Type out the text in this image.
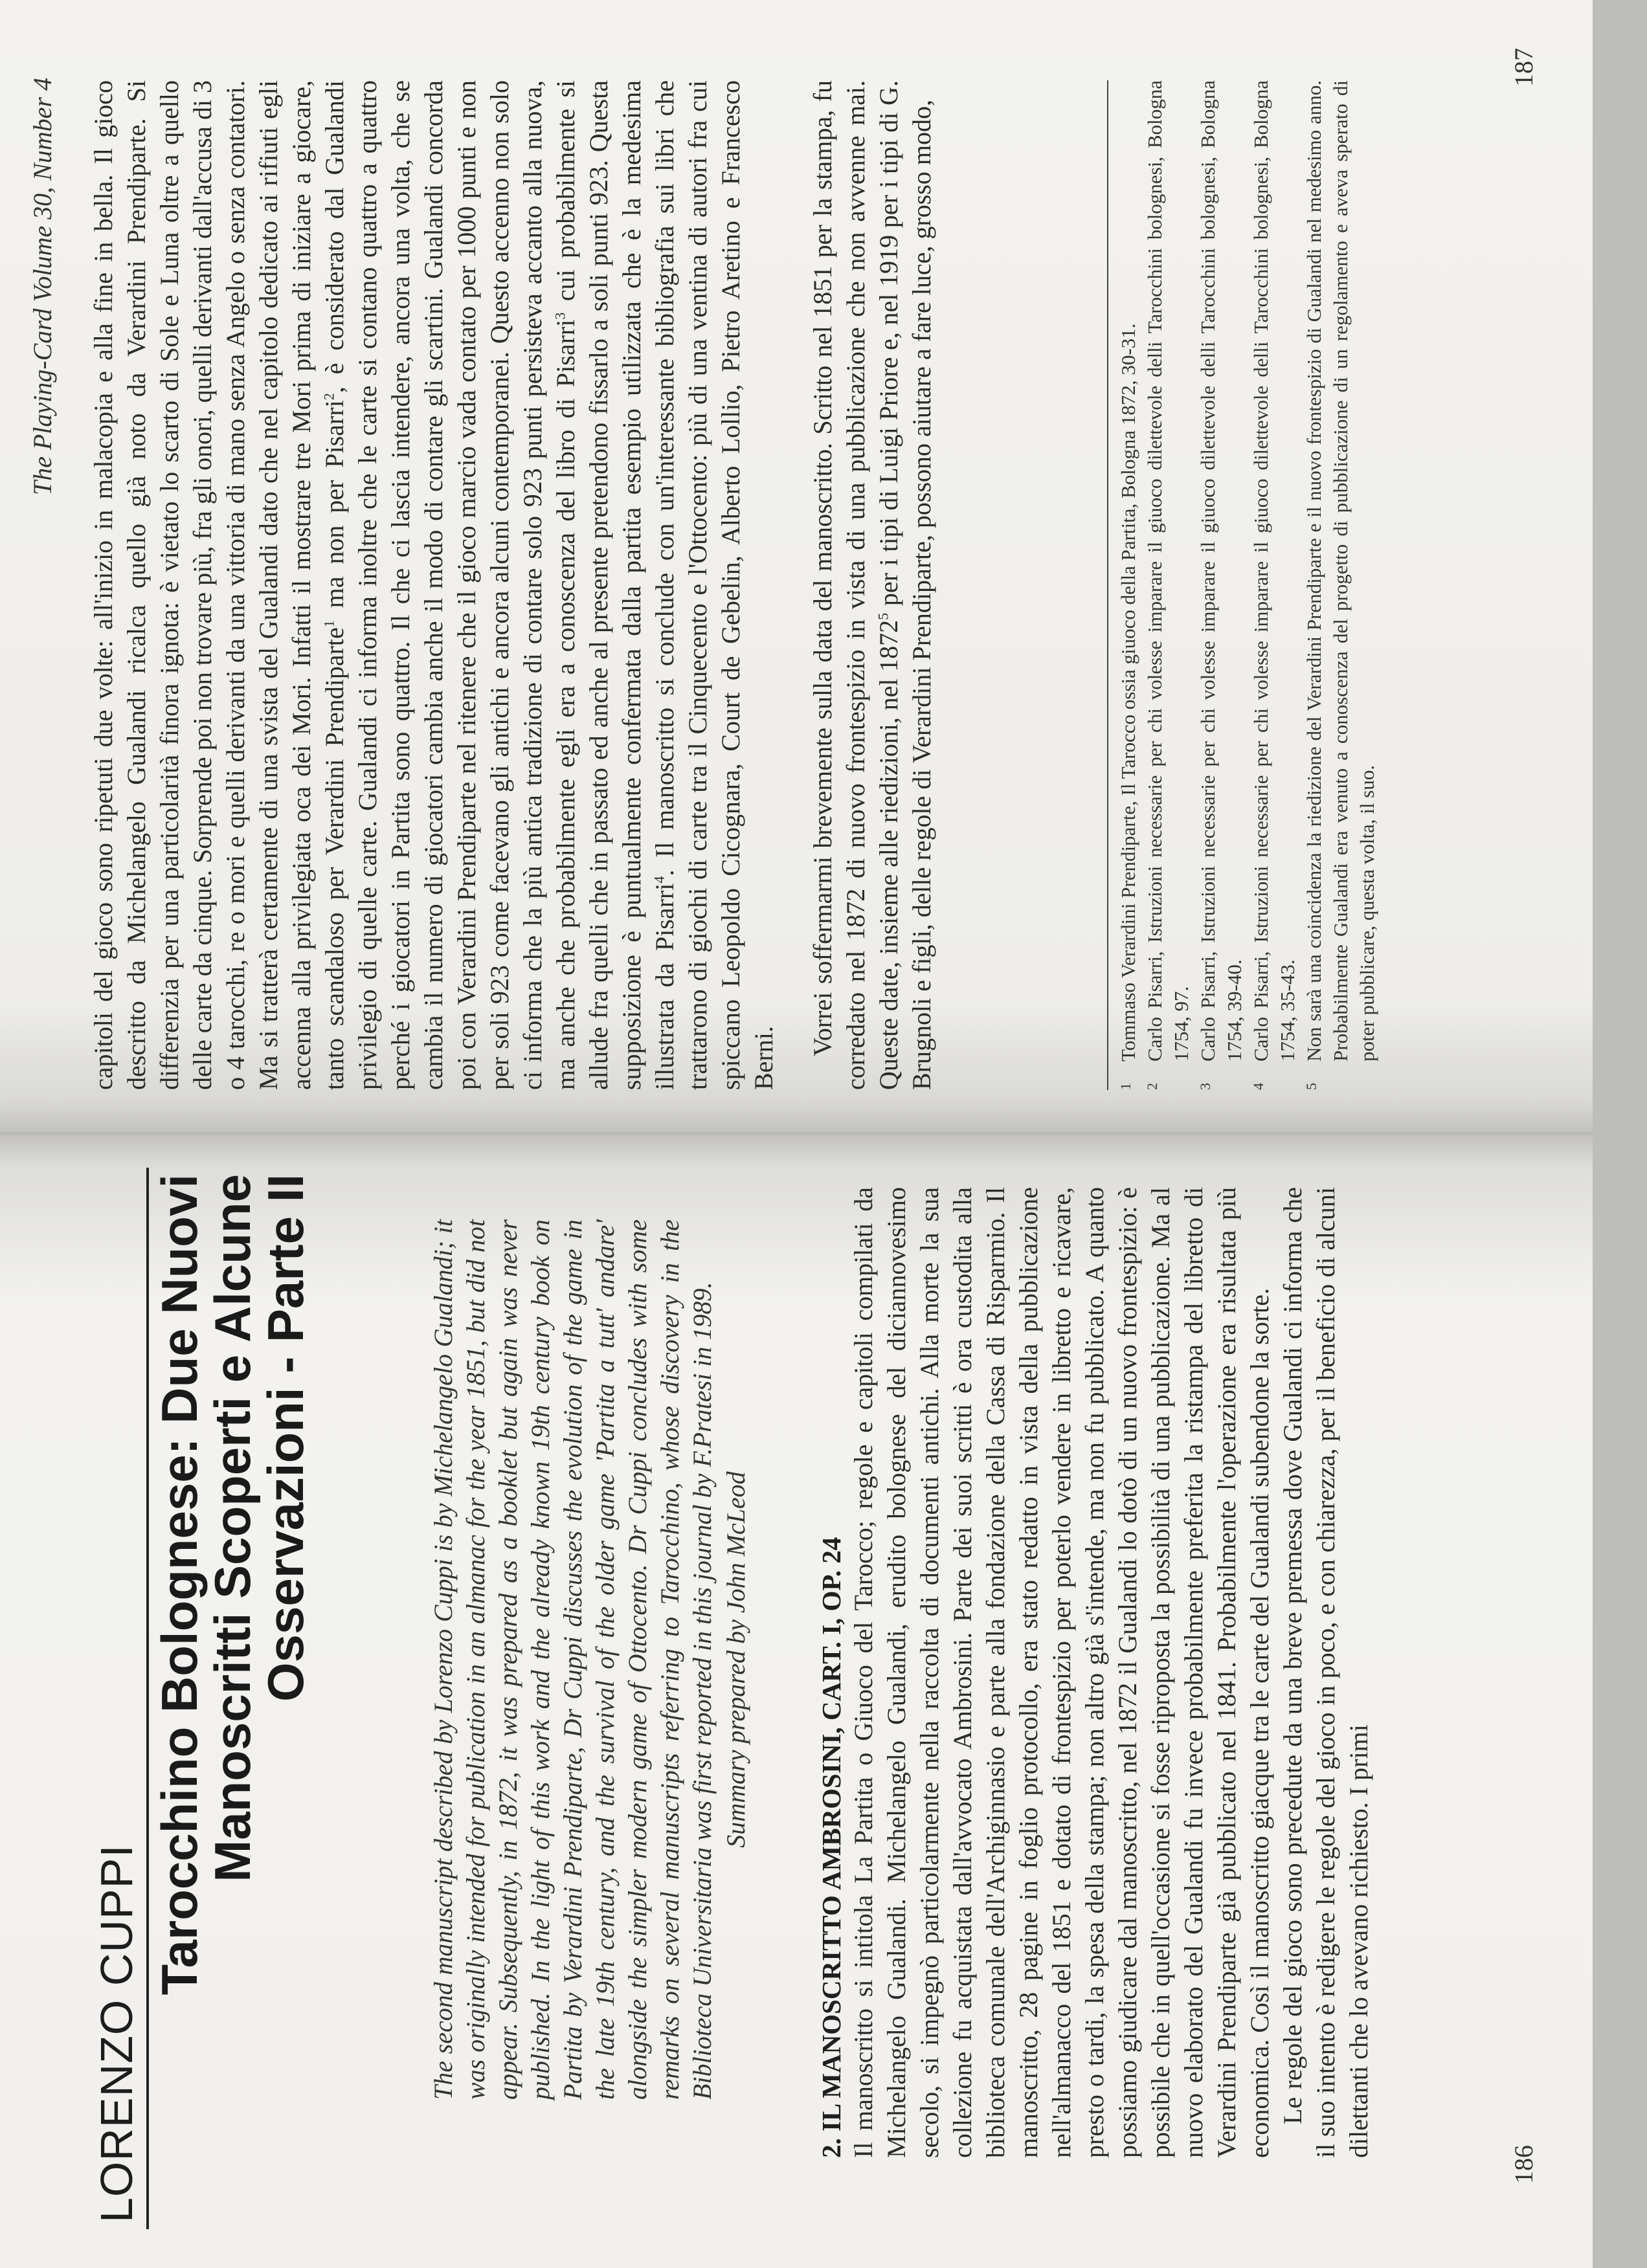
LORENZO CUPPI
Tarocchino Bolognese: Due Nuovi
Manoscritti Scoperti e Alcune
Osservazioni - Parte II	The second manuscript described by Lorenzo Cuppi is by Michelangelo Gualandi; it was originally intended for publication in an almanac for the year 1851, but did not appear. Subsequently, in 1872, it was prepared as a booklet but again was never published. In the light of this work and the already known 19th century book on Partita by Verardini Prendiparte, Dr Cuppi discusses the evolution of the game in the late 19th century, and the survival of the older game 'Partita a tutt' andare' alongside the simpler modern game of Ottocento. Dr Cuppi concludes with some remarks on several manuscripts referring to Tarocchino, whose discovery in the Biblioteca Universitaria was first reported in this journal by F.Pratesi in 1989. Summary prepared by John McLeod 2. IL MANOSCRITTO AMBROSINI, CART. I, OP. 24 Il manoscritto si intitola La Partita o Giuoco del Tarocco; regole e capitoli compilati da Michelangelo Gualandi. Michelangelo Gualandi, erudito bolognese del diciannovesimo secolo, si impegnò particolarmente nella raccolta di documenti antichi. Alla morte la sua collezione fu acquistata dall'avvocato Ambrosini. Parte dei suoi scritti è ora custodita alla biblioteca comunale dell'Archiginnasio e parte alla fondazione della Cassa di Risparmio. Il manoscritto, 28 pagine in foglio protocollo, era stato redatto in vista della pubblicazione nell'almanacco del 1851 e dotato di frontespizio per poterlo vendere in libretto e ricavare, presto o tardi, la spesa della stampa; non altro già s'intende, ma non fu pubblicato. A quanto possiamo giudicare dal manoscritto, nel 1872 il Gualandi lo dotò di un nuovo frontespizio: è possibile che in quell'occasione si fosse riproposta la possibilità di una pubblicazione. Ma al nuovo elaborato del Gualandi fu invece probabilmente preferita la ristampa del libretto di Verardini Prendiparte già pubblicato nel 1841. Probabilmente l'operazione era risultata più economica. Così il manoscritto giacque tra le carte del Gualandi subendone la sorte. Le regole del gioco sono precedute da una breve premessa dove Gualandi ci informa che il suo intento è redigere le regole del gioco in poco, e con chiarezza, per il beneficio di alcuni dilettanti che lo avevano richiesto. I primi

186
The Playing-Card Volume 30, Number 4 capitoli del gioco sono ripetuti due volte: all'inizio in malacopia e alla fine in bella. Il gioco descritto da Michelangelo Gualandi ricalca quello già noto da Verardini Prendiparte. Si differenzia per una particolarità finora ignota: è vietato lo scarto di Sole e Luna oltre a quello delle carte da cinque. Sorprende poi non trovare più, fra gli onori, quelli derivanti dall'accusa di 3 o 4 tarocchi, re o mori e quelli derivanti da una vittoria di mano senza Angelo o senza contatori. Ma si tratterà certamente di una svista del Gualandi dato che nel capitolo dedicato ai rifiuti egli accenna alla privilegiata oca dei Mori. Infatti il mostrare tre Mori prima di iniziare a giocare, tanto scandaloso per Verardini Prendiparte$^1$ ma non per Pisarri$^2$, è considerato dal Gualandi privilegio di quelle carte. Gualandi ci informa inoltre che le carte si contano quattro a quattro perché i giocatori in Partita sono quattro. Il che ci lascia intendere, ancora una volta, che se cambia il numero di giocatori cambia anche il modo di contare gli scartini. Gualandi concorda poi con Verardini Prendiparte nel ritenere che il gioco marcio vada contato per 1000 punti e non per soli 923 come facevano gli antichi e ancora alcuni contemporanei. Questo accenno non solo ci informa che la più antica tradizione di contare solo 923 punti persisteva accanto alla nuova, ma anche che probabilmente egli era a conoscenza del libro di Pisarri$^3$ cui probabilmente si allude fra quelli che in passato ed anche al presente pretendono fissarlo a soli punti 923. Questa supposizione è puntualmente confermata dalla partita esempio utilizzata che è la medesima illustrata da Pisarri$^4$. Il manoscritto si conclude con un'interessante bibliografia sui libri che trattarono di giochi di carte tra il Cinquecento e l'Ottocento: più di una ventina di autori fra cui spiccano Leopoldo Cicognara, Court de Gebelin, Alberto Lollio, Pietro Aretino e Francesco Berni.

Vorrei soffermarmi brevemente sulla data del manoscritto. Scritto nel 1851 per la stampa, fu corredato nel 1872 di nuovo frontespizio in vista di una pubblicazione che non avvenne mai. Queste date, insieme alle riedizioni, nel 1872$^5$ per i tipi di Luigi Priore e, nel 1919 per i tipi di G. Brugnoli e figli, delle regole di Verardini Prendiparte, possono aiutare a fare luce, grosso modo,	1
Tommaso Verardini Prendiparte, Il Tarocco ossia giuoco della Partita, Bologna 1872, 30-31.
2
Carlo Pisarri, Istruzioni necessarie per chi volesse imparare il giuoco dilettevole delli Tarocchini bolognesi, Bologna 1754, 97.
3
Carlo Pisarri, Istruzioni necessarie per chi volesse imparare il giuoco dilettevole delli Tarocchini bolognesi, Bologna 1754, 39-40.
4
Carlo Pisarri, Istruzioni necessarie per chi volesse imparare il giuoco dilettevole delli Tarocchini bolognesi, Bologna 1754, 35-43.
5
Non sarà una coincidenza la riedizione del Verardini Prendiparte e il nuovo frontespizio di Gualandi nel medesimo anno. Probabilmente Gualandi era venuto a conoscenza del progetto di pubblicazione di un regolamento e aveva sperato di poter pubblicare, questa volta, il suo.
187
